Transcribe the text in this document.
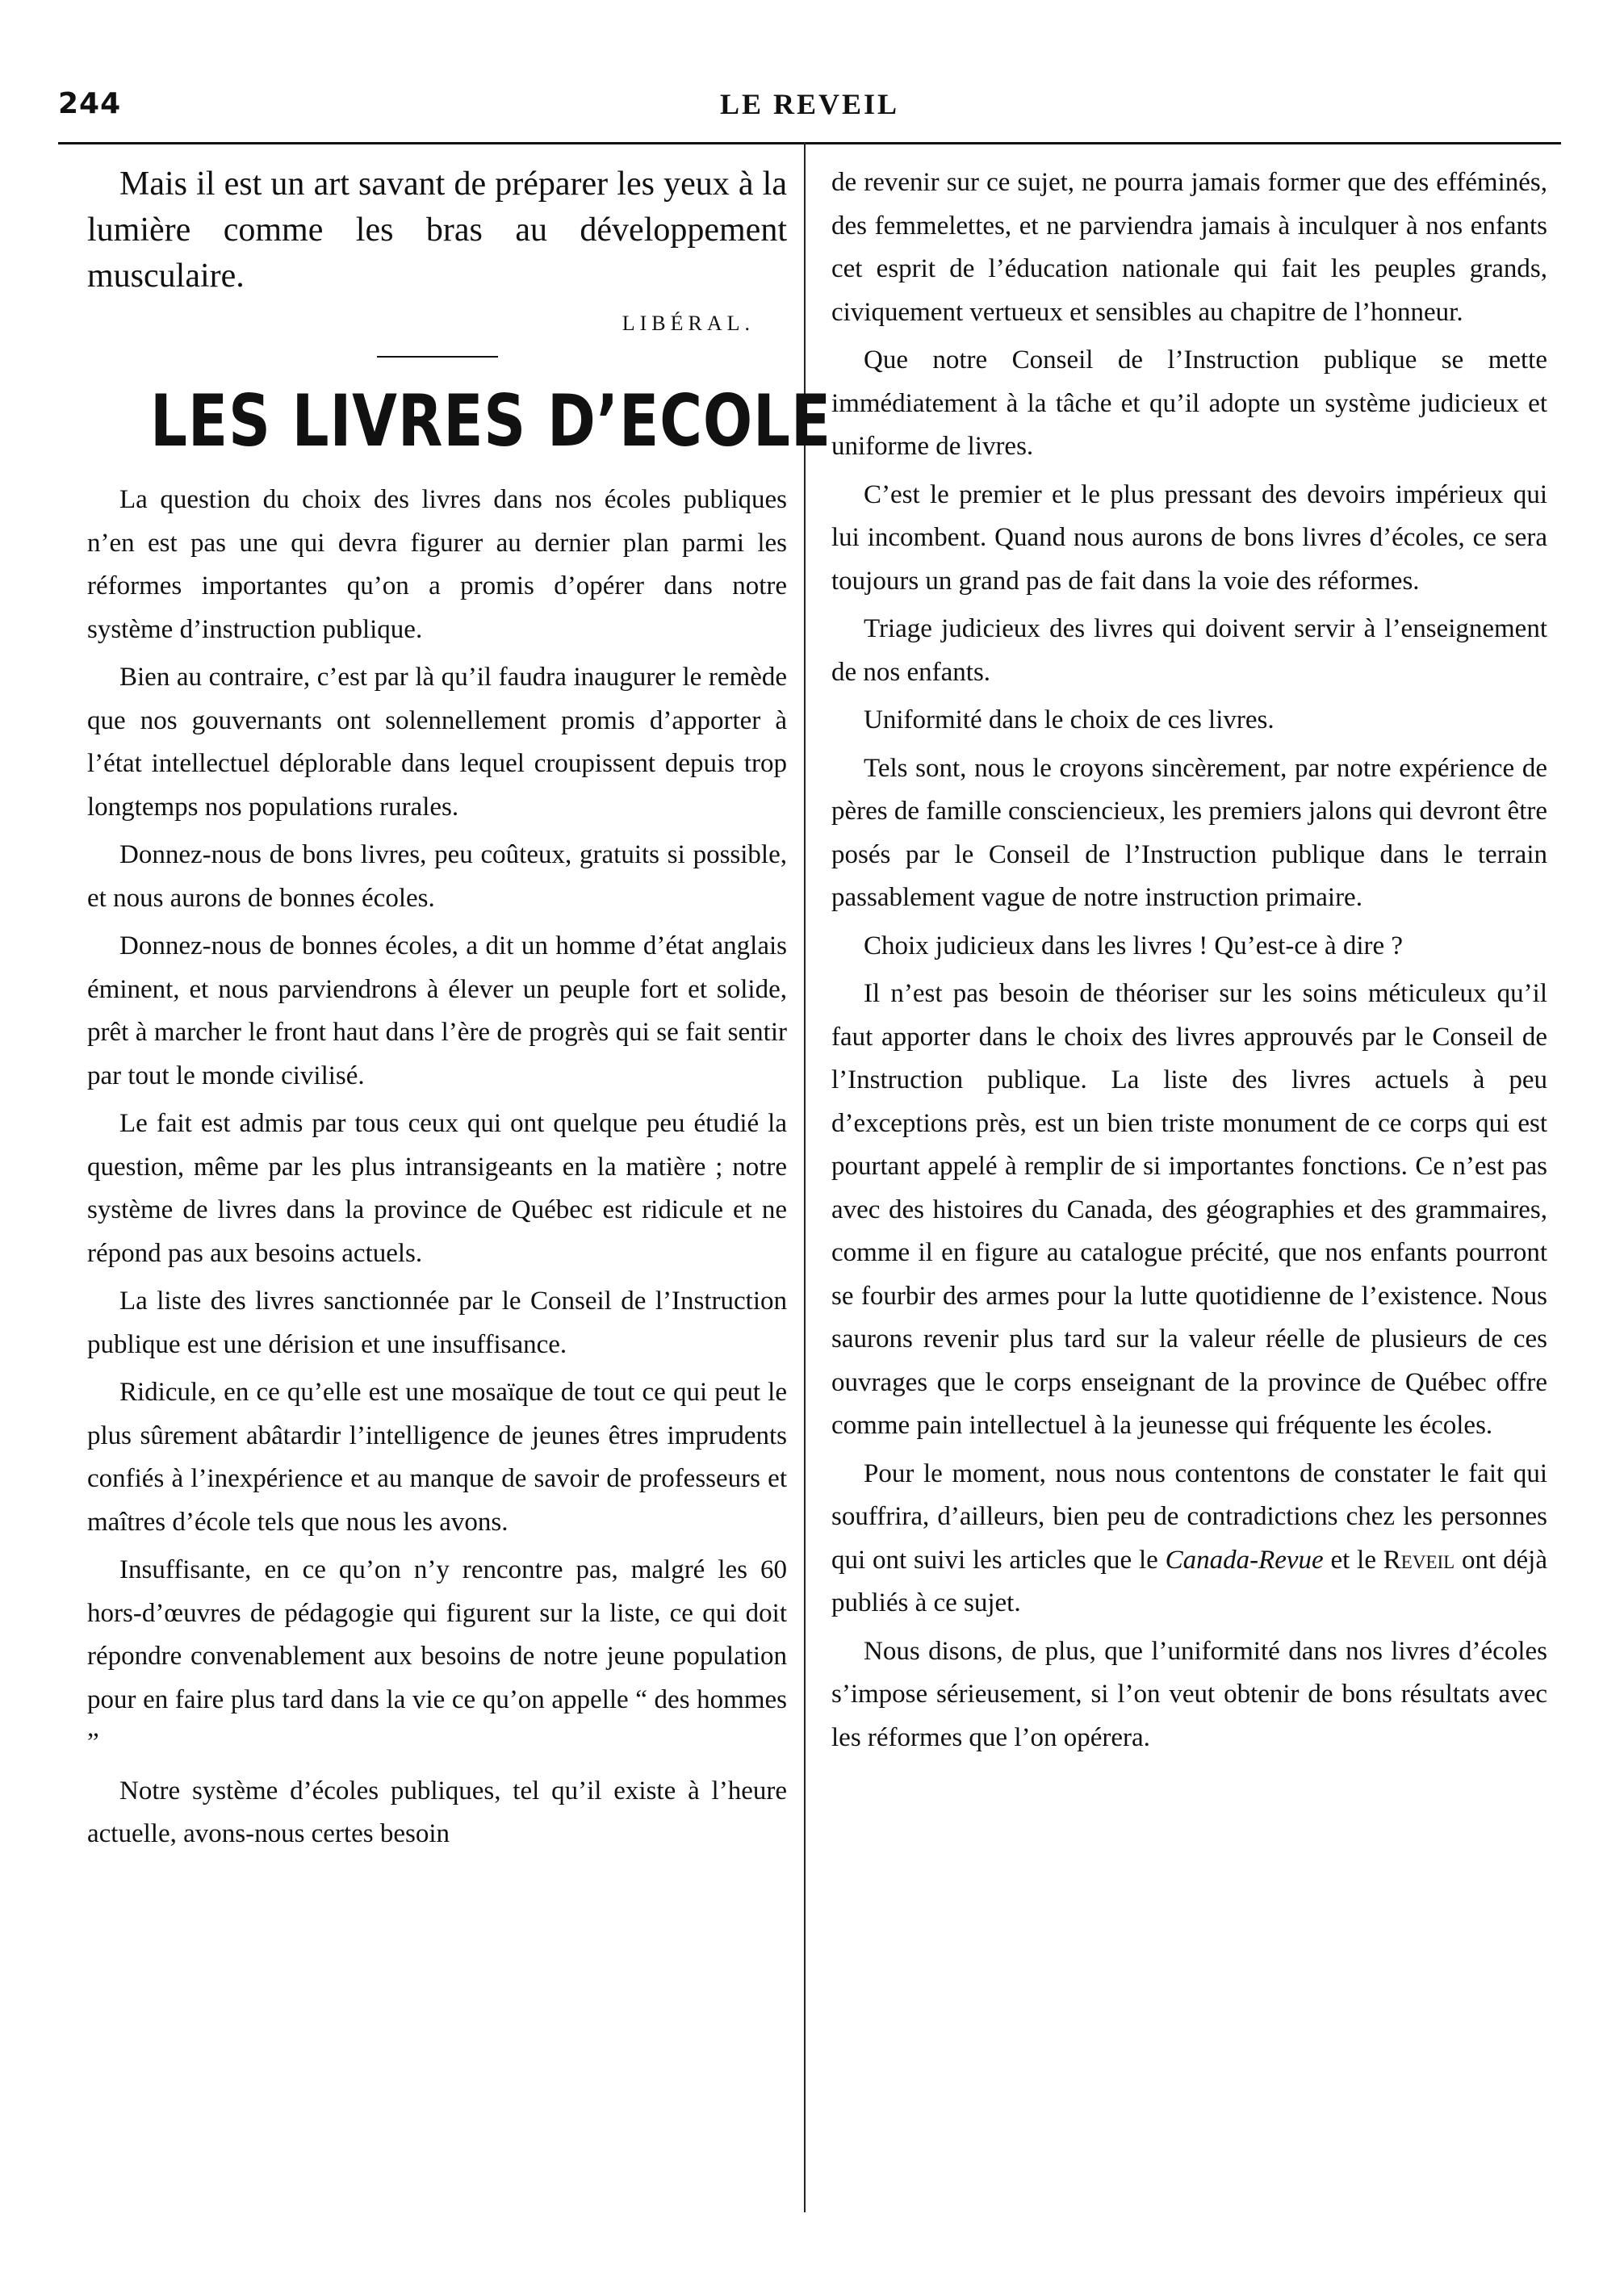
244	LE REVEIL

Mais il est un art savant de préparer les yeux à la lumière comme les bras au développement musculaire.

LIBÉRAL.
LES LIVRES D’ECOLE

La question du choix des livres dans nos écoles publiques n’en est pas une qui devra figurer au dernier plan parmi les réformes importantes qu’on a promis d’opérer dans notre système d’instruction publique.

Bien au contraire, c’est par là qu’il faudra inaugurer le remède que nos gouvernants ont solennellement promis d’apporter à l’état intellectuel déplorable dans lequel croupissent depuis trop longtemps nos populations rurales.

Donnez-nous de bons livres, peu coûteux, gratuits si possible, et nous aurons de bonnes écoles.

Donnez-nous de bonnes écoles, a dit un homme d’état anglais éminent, et nous parviendrons à élever un peuple fort et solide, prêt à marcher le front haut dans l’ère de progrès qui se fait sentir par tout le monde civilisé.

Le fait est admis par tous ceux qui ont quelque peu étudié la question, même par les plus intransigeants en la matière ; notre système de livres dans la province de Québec est ridicule et ne répond pas aux besoins actuels.

La liste des livres sanctionnée par le Conseil de l’Instruction publique est une dérision et une insuffisance.

Ridicule, en ce qu’elle est une mosaïque de tout ce qui peut le plus sûrement abâtardir l’intelligence de jeunes êtres imprudents confiés à l’inexpérience et au manque de savoir de professeurs et maîtres d’école tels que nous les avons.

Insuffisante, en ce qu’on n’y rencontre pas, malgré les 60 hors-d’œuvres de pédagogie qui figurent sur la liste, ce qui doit répondre convenablement aux besoins de notre jeune population pour en faire plus tard dans la vie ce qu’on appelle “ des hommes ”

Notre système d’écoles publiques, tel qu’il existe à l’heure actuelle, avons-nous certes besoin

de revenir sur ce sujet, ne pourra jamais former que des efféminés, des femmelettes, et ne parviendra jamais à inculquer à nos enfants cet esprit de l’éducation nationale qui fait les peuples grands, civiquement vertueux et sensibles au chapitre de l’honneur.

Que notre Conseil de l’Instruction publique se mette immédiatement à la tâche et qu’il adopte un système judicieux et uniforme de livres.

C’est le premier et le plus pressant des devoirs impérieux qui lui incombent. Quand nous aurons de bons livres d’écoles, ce sera toujours un grand pas de fait dans la voie des réformes.

Triage judicieux des livres qui doivent servir à l’enseignement de nos enfants.

Uniformité dans le choix de ces livres.

Tels sont, nous le croyons sincèrement, par notre expérience de pères de famille consciencieux, les premiers jalons qui devront être posés par le Conseil de l’Instruction publique dans le terrain passablement vague de notre instruction primaire.

Choix judicieux dans les livres ! Qu’est-ce à dire ?

Il n’est pas besoin de théoriser sur les soins méticuleux qu’il faut apporter dans le choix des livres approuvés par le Conseil de l’Instruction publique. La liste des livres actuels à peu d’exceptions près, est un bien triste monument de ce corps qui est pourtant appelé à remplir de si importantes fonctions. Ce n’est pas avec des histoires du Canada, des géographies et des grammaires, comme il en figure au catalogue précité, que nos enfants pourront se fourbir des armes pour la lutte quotidienne de l’existence. Nous saurons revenir plus tard sur la valeur réelle de plusieurs de ces ouvrages que le corps enseignant de la province de Québec offre comme pain intellectuel à la jeunesse qui fréquente les écoles.

Pour le moment, nous nous contentons de constater le fait qui souffrira, d’ailleurs, bien peu de contradictions chez les personnes qui ont suivi les articles que le Canada-Revue et le Reveil ont déjà publiés à ce sujet.

Nous disons, de plus, que l’uniformité dans nos livres d’écoles s’impose sérieusement, si l’on veut obtenir de bons résultats avec les réformes que l’on opérera.
